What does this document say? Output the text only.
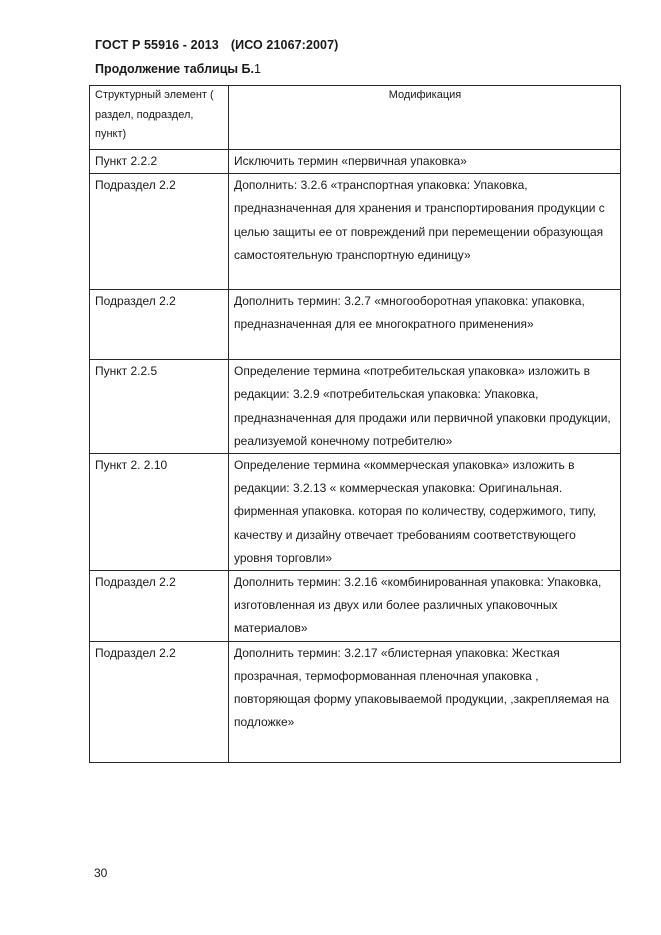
ГОСТ Р 55916 - 2013 (ИСО 21067:2007)
Продолжение таблицы Б.1
Структурный элемент ( раздел, подраздел, пункт)	Модификация
Пункт 2.2.2	Исключить термин «первичная упаковка»
Подраздел 2.2	Дополнить: 3.2.6 «транспортная упаковка: Упаковка, предназначенная для хранения и транспортирования продукции с целью защиты ее от повреждений при перемещении образующая самостоятельную транспортную единицу»
Подраздел 2.2	Дополнить термин: 3.2.7 «многооборотная упаковка: упаковка, предназначенная для ее многократного применения»
Пункт 2.2.5	Определение термина «потребительская упаковка» изложить в редакции: 3.2.9 «потребительская упаковка: Упаковка, предназначенная для продажи или первичной упаковки продукции, реализуемой конечному потребителю»
Пункт 2. 2.10	Определение термина «коммерческая упаковка» изложить в редакции: 3.2.13 « коммерческая упаковка: Оригинальная. фирменная упаковка. которая по количеству, содержимого, типу, качеству и дизайну отвечает требованиям соответствующего уровня торговли»
Подраздел 2.2	Дополнить термин: 3.2.16 «комбинированная упаковка: Упаковка, изготовленная из двух или более различных упаковочных материалов»
Подраздел 2.2	Дополнить термин: 3.2.17 «блистерная упаковка: Жесткая прозрачная, термоформованная пленочная упаковка , повторяющая форму упаковываемой продукции, ,закрепляемая на подложке»
30
